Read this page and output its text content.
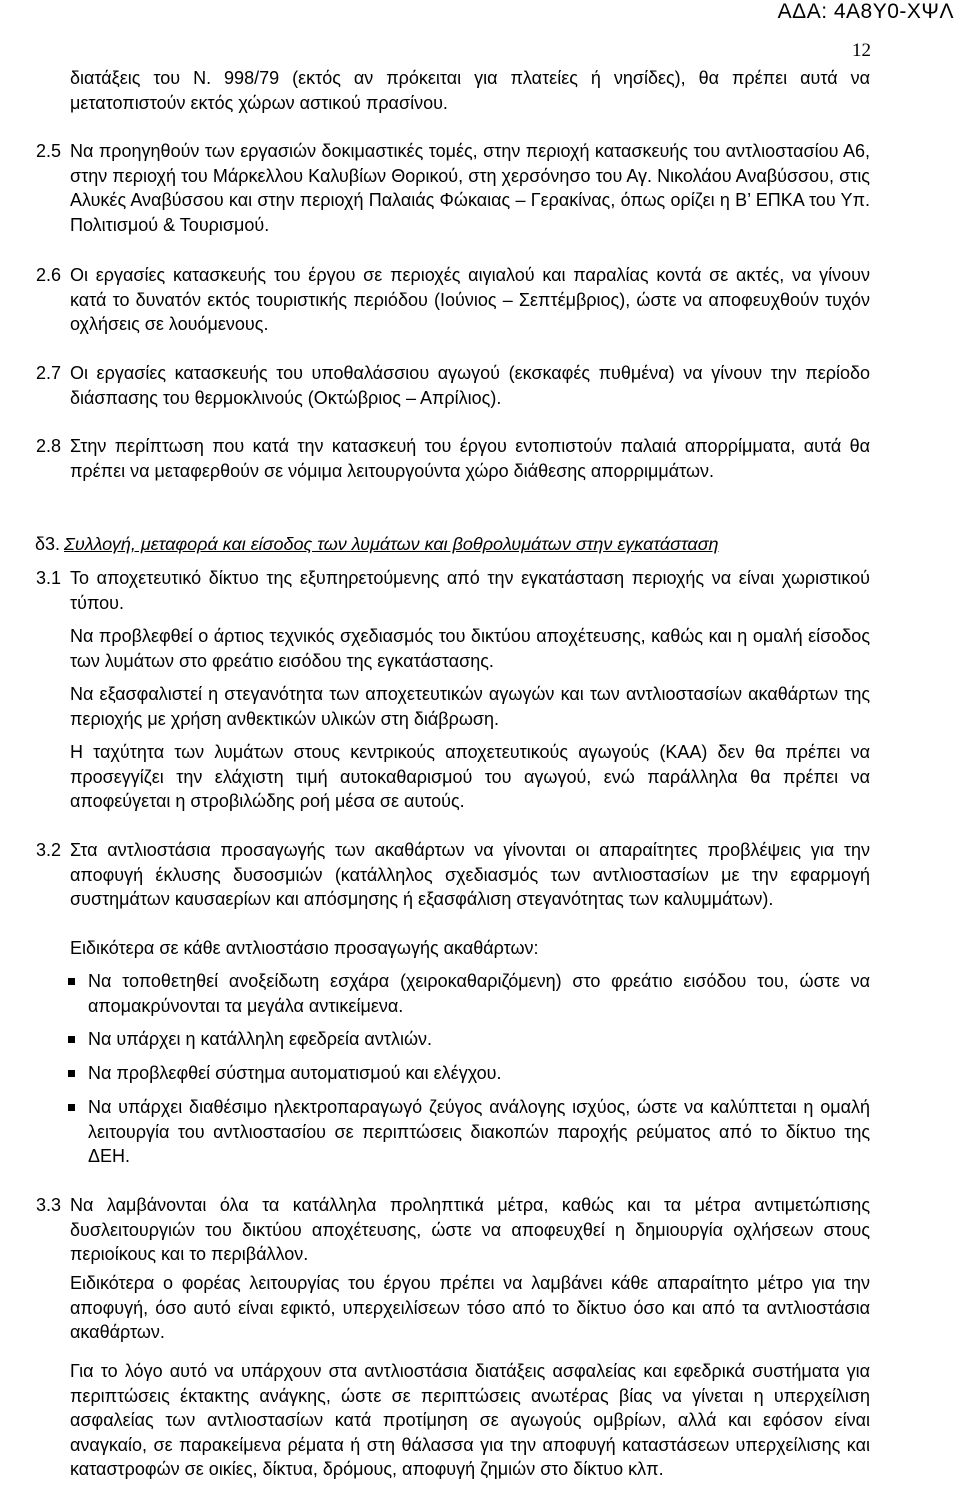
ΑΔΑ: 4Α8Υ0-ΧΨΛ
12
διατάξεις του Ν. 998/79 (εκτός αν πρόκειται για πλατείες ή νησίδες), θα πρέπει αυτά να μετατοπιστούν εκτός χώρων αστικού πρασίνου.
2.5 Να προηγηθούν των εργασιών δοκιμαστικές τομές, στην περιοχή κατασκευής του αντλιοστασίου Α6, στην περιοχή του Μάρκελλου Καλυβίων Θορικού, στη χερσόνησο του Αγ. Νικολάου Αναβύσσου, στις Αλυκές Αναβύσσου και στην περιοχή Παλαιάς Φώκαιας – Γερακίνας, όπως ορίζει η Β’ ΕΠΚΑ του Υπ. Πολιτισμού & Τουρισμού.
2.6 Οι εργασίες κατασκευής του έργου σε περιοχές αιγιαλού και παραλίας κοντά σε ακτές, να γίνουν κατά το δυνατόν εκτός τουριστικής περιόδου (Ιούνιος – Σεπτέμβριος), ώστε να αποφευχθούν τυχόν οχλήσεις σε λουόμενους.
2.7 Οι εργασίες κατασκευής του υποθαλάσσιου αγωγού (εκσκαφές πυθμένα) να γίνουν την περίοδο διάσπασης του θερμοκλινούς (Οκτώβριος – Απρίλιος).
2.8 Στην περίπτωση που κατά την κατασκευή του έργου εντοπιστούν παλαιά απορρίμματα, αυτά θα πρέπει να μεταφερθούν σε νόμιμα λειτουργούντα χώρο διάθεσης απορριμμάτων.
δ3. Συλλογή, μεταφορά και είσοδος των λυμάτων και βοθρολυμάτων στην εγκατάσταση
3.1 Το αποχετευτικό δίκτυο της εξυπηρετούμενης από την εγκατάσταση περιοχής να είναι χωριστικού τύπου.
Να προβλεφθεί ο άρτιος τεχνικός σχεδιασμός του δικτύου αποχέτευσης, καθώς και η ομαλή είσοδος των λυμάτων στο φρεάτιο εισόδου της εγκατάστασης.
Να εξασφαλιστεί η στεγανότητα των αποχετευτικών αγωγών και των αντλιοστασίων ακαθάρτων της περιοχής με χρήση ανθεκτικών υλικών στη διάβρωση.
Η ταχύτητα των λυμάτων στους κεντρικούς αποχετευτικούς αγωγούς (ΚΑΑ) δεν θα πρέπει να προσεγγίζει την ελάχιστη τιμή αυτοκαθαρισμού του αγωγού, ενώ παράλληλα θα πρέπει να αποφεύγεται η στροβιλώδης ροή μέσα σε αυτούς.
3.2 Στα αντλιοστάσια προσαγωγής των ακαθάρτων να γίνονται οι απαραίτητες προβλέψεις για την αποφυγή έκλυσης δυσοσμιών (κατάλληλος σχεδιασμός των αντλιοστασίων με την εφαρμογή συστημάτων καυσαερίων και απόσμησης ή εξασφάλιση στεγανότητας των καλυμμάτων).
Ειδικότερα σε κάθε αντλιοστάσιο προσαγωγής ακαθάρτων:
Να τοποθετηθεί ανοξείδωτη εσχάρα (χειροκαθαριζόμενη) στο φρεάτιο εισόδου του, ώστε να απομακρύνονται τα μεγάλα αντικείμενα.
Να υπάρχει η κατάλληλη εφεδρεία αντλιών.
Να προβλεφθεί σύστημα αυτοματισμού και ελέγχου.
Να υπάρχει διαθέσιμο ηλεκτροπαραγωγό ζεύγος ανάλογης ισχύος, ώστε να καλύπτεται η ομαλή λειτουργία του αντλιοστασίου σε περιπτώσεις διακοπών παροχής ρεύματος από το δίκτυο της ΔΕΗ.
3.3 Να λαμβάνονται όλα τα κατάλληλα προληπτικά μέτρα, καθώς και τα μέτρα αντιμετώπισης δυσλειτουργιών του δικτύου αποχέτευσης, ώστε να αποφευχθεί η δημιουργία οχλήσεων στους περιοίκους και το περιβάλλον.
Ειδικότερα ο φορέας λειτουργίας του έργου πρέπει να λαμβάνει κάθε απαραίτητο μέτρο για την αποφυγή, όσο αυτό είναι εφικτό, υπερχειλίσεων τόσο από το δίκτυο όσο και από τα αντλιοστάσια ακαθάρτων.
Για το λόγο αυτό να υπάρχουν στα αντλιοστάσια διατάξεις ασφαλείας και εφεδρικά συστήματα για περιπτώσεις έκτακτης ανάγκης, ώστε σε περιπτώσεις ανωτέρας βίας να γίνεται η υπερχείλιση ασφαλείας των αντλιοστασίων κατά προτίμηση σε αγωγούς ομβρίων, αλλά και εφόσον είναι αναγκαίο, σε παρακείμενα ρέματα ή στη θάλασσα για την αποφυγή καταστάσεων υπερχείλισης και καταστροφών σε οικίες, δίκτυα, δρόμους, αποφυγή ζημιών στο δίκτυο κλπ.
